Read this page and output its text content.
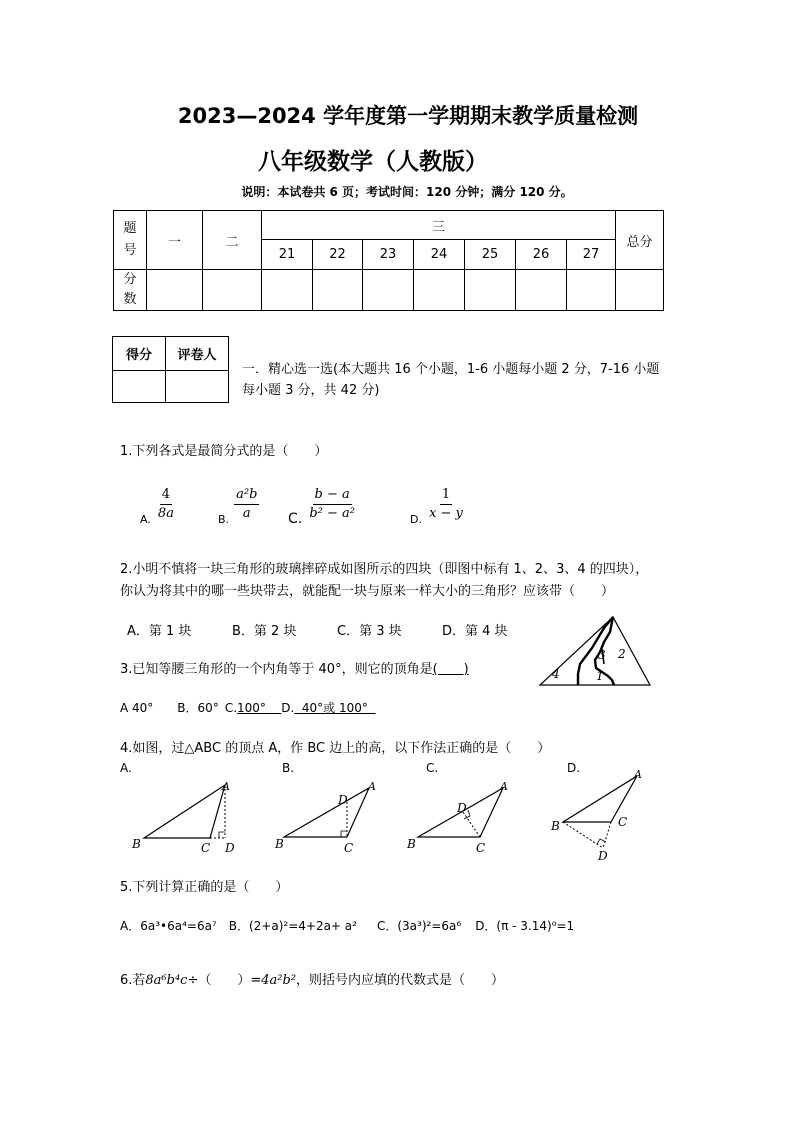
2023—2024 学年度第一学期期末教学质量检测
八年级数学（人教版）
说明：本试卷共 6 页；考试时间：120 分钟；满分 120 分。
题
号	一	二	三							总分
			21	22	23	24	25	26	27	
分
数										
得分	评卷人

一．精心选一选(本大题共 16 个小题，1-6 小题每小题 2 分，7-16 小题
每小题 3 分，共 42 分)
1.下列各式是最简分式的是（　　）
$_{A.} \frac{4}{8a}$	$_{B.} \frac{\text{a²b}}{a} C$. $\frac{b - a}{\text{b² − a²}}$	$_{D.} \frac{1}{x - y}$
2.小明不慎将一块三角形的玻璃摔碎成如图所示的四块（即图中标有 1、2、3、4 的四块），
你认为将其中的哪一些块带去，就能配一块与原来一样大小的三角形？应该带（　　）
A．第 1 块	B．第 2 块	C．第 3 块	D．第 4 块
3 2
4	1
3.已知等腰三角形的一个内角等于 40°，则它的顶角是(　　)
A 40° B．60° C.100° D. 40°或 100°
4.如图，过△ABC 的顶点 A，作 BC 边上的高，以下作法正确的是（　　）
A.	B.	C.	D.
A
B	C D
A
B	C
D
A
B	C
D
A
B	C
D
5.下列计算正确的是（　　）
A．6a³•6a⁴=6a⁷ B．(2+a)²=4+2a+ a² C．(3a³)²=6a⁶ D．(π - 3.14)⁰=1
6.若8a⁶b⁴c÷（　　）=4a²b²，则括号内应填的代数式是（　　）
